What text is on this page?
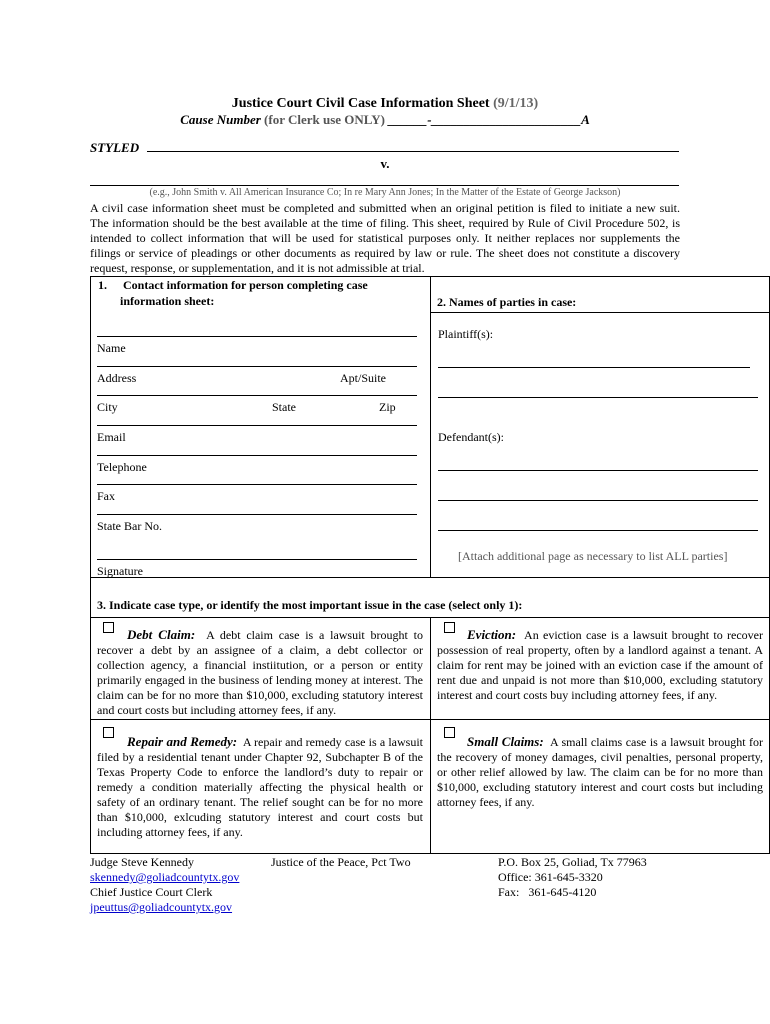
Justice Court Civil Case Information Sheet (9/1/13)
Cause Number (for Clerk use ONLY) ______-_______________________A
STYLED
v.
(e.g., John Smith v. All American Insurance Co; In re Mary Ann Jones; In the Matter of the Estate of George Jackson)
A civil case information sheet must be completed and submitted when an original petition is filed to initiate a new suit. The information should be the best available at the time of filing. This sheet, required by Rule of Civil Procedure 502, is intended to collect information that will be used for statistical purposes only. It neither replaces nor supplements the filings or service of pleadings or other documents as required by law or rule. The sheet does not constitute a discovery request, response, or supplementation, and it is not admissible at trial.
1. Contact information for person completing case
information sheet:	2. Names of parties in case:
Name
Address	Apt/Suite
City	State	Zip
Email
Telephone
Fax
State Bar No.
Signature
Plaintiff(s):
Defendant(s):
[Attach additional page as necessary to list ALL parties]
3. Indicate case type, or identify the most important issue in the case (select only 1):
Debt Claim: A debt claim case is a lawsuit brought to recover a debt by an assignee of a claim, a debt collector or collection agency, a financial instiitution, or a person or entity primarily engaged in the business of lending money at interest. The claim can be for no more than $10,000, excluding statutory interest and court costs but including attorney fees, if any.
Eviction: An eviction case is a lawsuit brought to recover possession of real property, often by a landlord against a tenant. A claim for rent may be joined with an eviction case if the amount of rent due and unpaid is not more than $10,000, excluding statutory interest and court costs buy including attorney fees, if any.
Repair and Remedy: A repair and remedy case is a lawsuit filed by a residential tenant under Chapter 92, Subchapter B of the Texas Property Code to enforce the landlord’s duty to repair or remedy a condition materially affecting the physical health or safety of an ordinary tenant. The relief sought can be for no more than $10,000, exlcuding statutory interest and court costs but including attorney fees, if any.
Small Claims: A small claims case is a lawsuit brought for the recovery of money damages, civil penalties, personal property, or other relief allowed by law. The claim can be for no more than $10,000, excluding statutory interest and court costs but including attorney fees, if any.
Judge Steve Kennedy
skennedy@goliadcountytx.gov
Chief Justice Court Clerk
jpeuttus@goliadcountytx.gov
Justice of the Peace, Pct Two	P.O. Box 25, Goliad, Tx 77963
Office: 361-645-3320
Fax:   361-645-4120
